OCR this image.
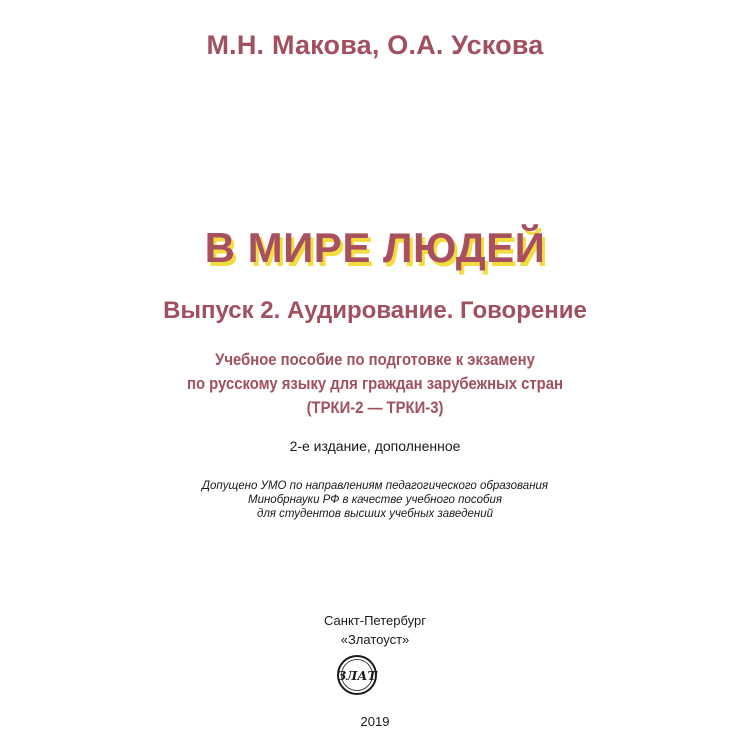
М.Н. Макова, О.А. Ускова
В МИРЕ ЛЮДЕЙ
Выпуск 2. Аудирование. Говорение
Учебное пособие по подготовке к экзамену
по русскому языку для граждан зарубежных стран
(ТРКИ-2 — ТРКИ-3)
2-е издание, дополненное
Допущено УМО по направлениям педагогического образования
Минобрнауки РФ в качестве учебного пособия
для студентов высших учебных заведений
Санкт-Петербург
«Златоуст»
ЗЛАТ
2019
